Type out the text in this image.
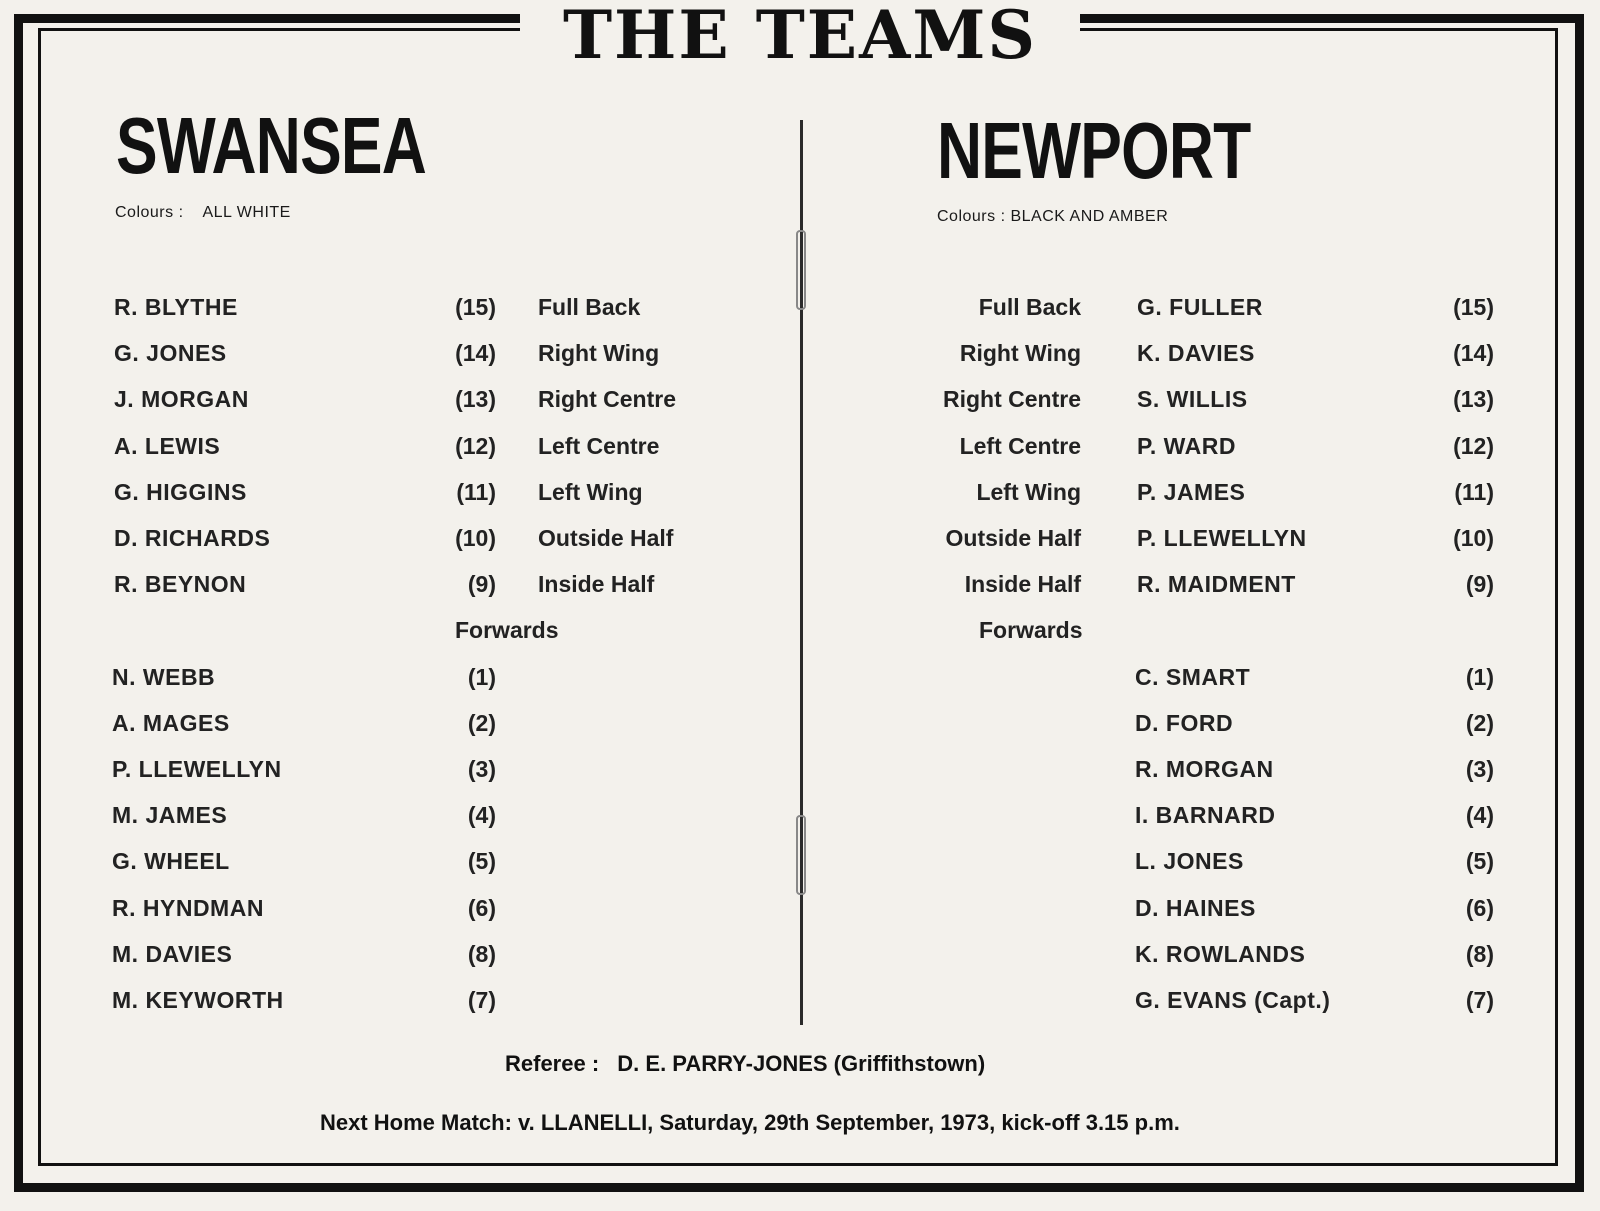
THE TEAMS
SWANSEA
Colours : ALL WHITE
R. BLYTHE	(15) Full Back
G. JONES	(14) Right Wing
J. MORGAN	(13) Right Centre
A. LEWIS	(12) Left Centre
G. HIGGINS	(11) Left Wing
D. RICHARDS	(10) Outside Half
R. BEYNON	(9) Inside Half
Forwards
N. WEBB	(1)
A. MAGES	(2)
P. LLEWELLYN	(3)
M. JAMES	(4)
G. WHEEL	(5)
R. HYNDMAN	(6)
M. DAVIES	(8)
M. KEYWORTH	(7)
NEWPORT
Colours : BLACK AND AMBER
Full Back G. FULLER	(15)
Right Wing K. DAVIES	(14)
Right Centre S. WILLIS	(13)
Left Centre P. WARD	(12)
Left Wing P. JAMES	(11)
Outside Half P. LLEWELLYN	(10)
Inside Half R. MAIDMENT	(9)
Forwards
C. SMART	(1)
D. FORD	(2)
R. MORGAN	(3)
I. BARNARD	(4)
L. JONES	(5)
D. HAINES	(6)
K. ROWLANDS	(8)
G. EVANS (Capt.)	(7)
Referee : D. E. PARRY-JONES (Griffithstown)
Next Home Match: v. LLANELLI, Saturday, 29th September, 1973, kick-off 3.15 p.m.
